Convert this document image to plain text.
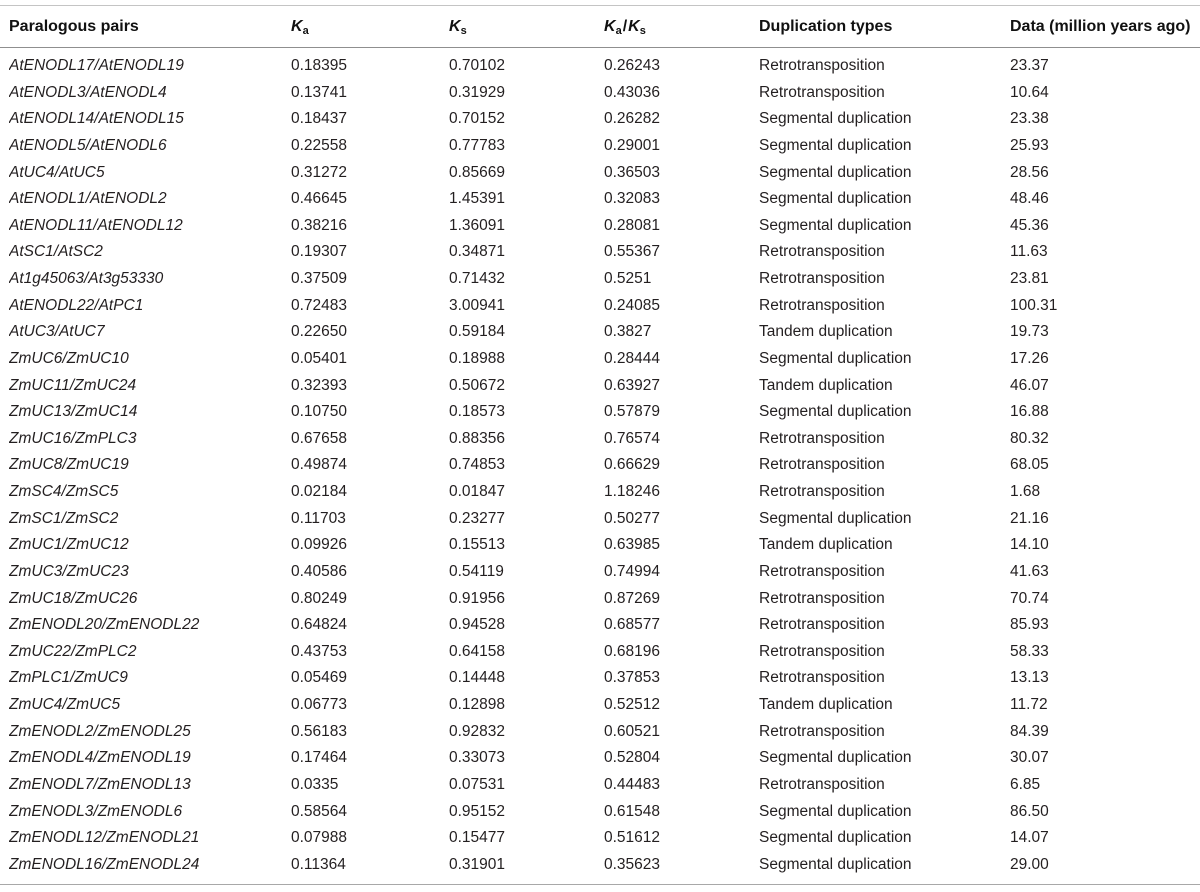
Paralogous pairs	Ka	Ks	Ka/Ks	Duplication types	Data (million years ago)
AtENODL17/AtENODL19	0.18395	0.70102	0.26243	Retrotransposition	23.37
AtENODL3/AtENODL4	0.13741	0.31929	0.43036	Retrotransposition	10.64
AtENODL14/AtENODL15	0.18437	0.70152	0.26282	Segmental duplication	23.38
AtENODL5/AtENODL6	0.22558	0.77783	0.29001	Segmental duplication	25.93
AtUC4/AtUC5	0.31272	0.85669	0.36503	Segmental duplication	28.56
AtENODL1/AtENODL2	0.46645	1.45391	0.32083	Segmental duplication	48.46
AtENODL11/AtENODL12	0.38216	1.36091	0.28081	Segmental duplication	45.36
AtSC1/AtSC2	0.19307	0.34871	0.55367	Retrotransposition	11.63
At1g45063/At3g53330	0.37509	0.71432	0.5251	Retrotransposition	23.81
AtENODL22/AtPC1	0.72483	3.00941	0.24085	Retrotransposition	100.31
AtUC3/AtUC7	0.22650	0.59184	0.3827	Tandem duplication	19.73
ZmUC6/ZmUC10	0.05401	0.18988	0.28444	Segmental duplication	17.26
ZmUC11/ZmUC24	0.32393	0.50672	0.63927	Tandem duplication	46.07
ZmUC13/ZmUC14	0.10750	0.18573	0.57879	Segmental duplication	16.88
ZmUC16/ZmPLC3	0.67658	0.88356	0.76574	Retrotransposition	80.32
ZmUC8/ZmUC19	0.49874	0.74853	0.66629	Retrotransposition	68.05
ZmSC4/ZmSC5	0.02184	0.01847	1.18246	Retrotransposition	1.68
ZmSC1/ZmSC2	0.11703	0.23277	0.50277	Segmental duplication	21.16
ZmUC1/ZmUC12	0.09926	0.15513	0.63985	Tandem duplication	14.10
ZmUC3/ZmUC23	0.40586	0.54119	0.74994	Retrotransposition	41.63
ZmUC18/ZmUC26	0.80249	0.91956	0.87269	Retrotransposition	70.74
ZmENODL20/ZmENODL22	0.64824	0.94528	0.68577	Retrotransposition	85.93
ZmUC22/ZmPLC2	0.43753	0.64158	0.68196	Retrotransposition	58.33
ZmPLC1/ZmUC9	0.05469	0.14448	0.37853	Retrotransposition	13.13
ZmUC4/ZmUC5	0.06773	0.12898	0.52512	Tandem duplication	11.72
ZmENODL2/ZmENODL25	0.56183	0.92832	0.60521	Retrotransposition	84.39
ZmENODL4/ZmENODL19	0.17464	0.33073	0.52804	Segmental duplication	30.07
ZmENODL7/ZmENODL13	0.0335	0.07531	0.44483	Retrotransposition	6.85
ZmENODL3/ZmENODL6	0.58564	0.95152	0.61548	Segmental duplication	86.50
ZmENODL12/ZmENODL21	0.07988	0.15477	0.51612	Segmental duplication	14.07
ZmENODL16/ZmENODL24	0.11364	0.31901	0.35623	Segmental duplication	29.00
